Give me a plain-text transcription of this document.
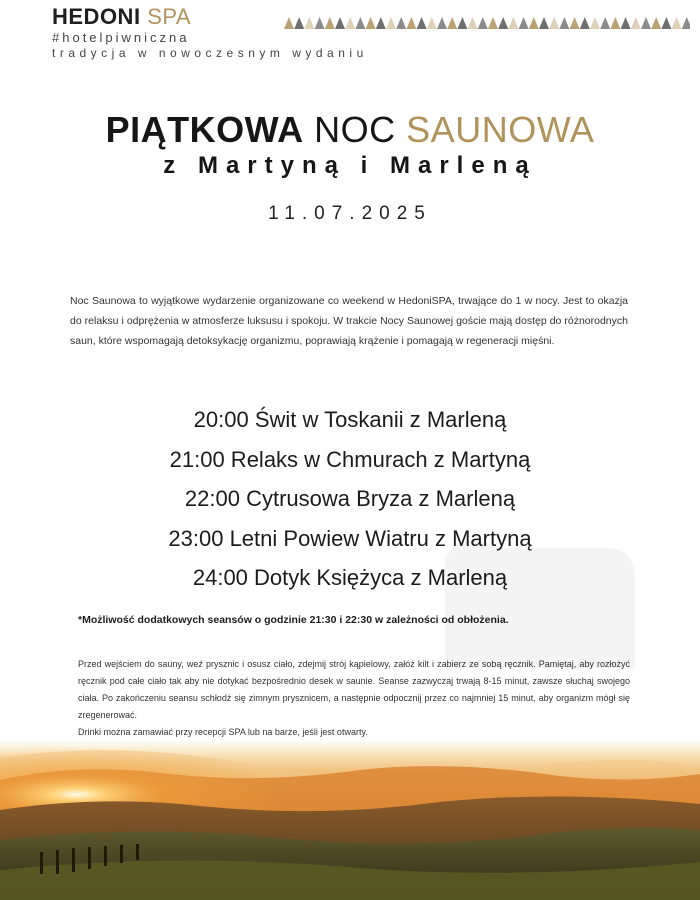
HEDONI SPA
#hotelpiwniczna
tradycja w nowoczesnym wydaniu
PIĄTKOWA NOC SAUNOWA
z Martyną i Marleną
11.07.2025
Noc Saunowa to wyjątkowe wydarzenie organizowane co weekend w HedoniSPA, trwające do 1 w nocy. Jest to okazja do relaksu i odprężenia w atmosferze luksusu i spokoju. W trakcie Nocy Saunowej goście mają dostęp do różnorodnych saun, które wspomagają detoksykację organizmu, poprawiają krążenie i pomagają w regeneracji mięśni.
20:00 Świt w Toskanii z Marleną
21:00 Relaks w Chmurach z Martyną
22:00 Cytrusowa Bryza z Marleną
23:00 Letni Powiew Wiatru z Martyną
24:00 Dotyk Księżyca z Marleną
*Możliwość dodatkowych seansów o godzinie 21:30 i 22:30 w zależności od obłożenia.

Przed wejściem do sauny, weź prysznic i osusz ciało, zdejmij strój kąpielowy, załóż kilt i zabierz ze sobą ręcznik. Pamiętaj, aby rozłożyć ręcznik pod całe ciało tak aby nie dotykać bezpośrednio desek w saunie. Seanse zazwyczaj trwają 8-15 minut, zawsze słuchaj swojego ciała. Po zakończeniu seansu schłodź się zimnym prysznicem, a następnie odpocznij przez co najmniej 15 minut, aby organizm mógł się zregenerować.

Drinki można zamawiać przy recepcji SPA lub na barze, jeśli jest otwarty.
